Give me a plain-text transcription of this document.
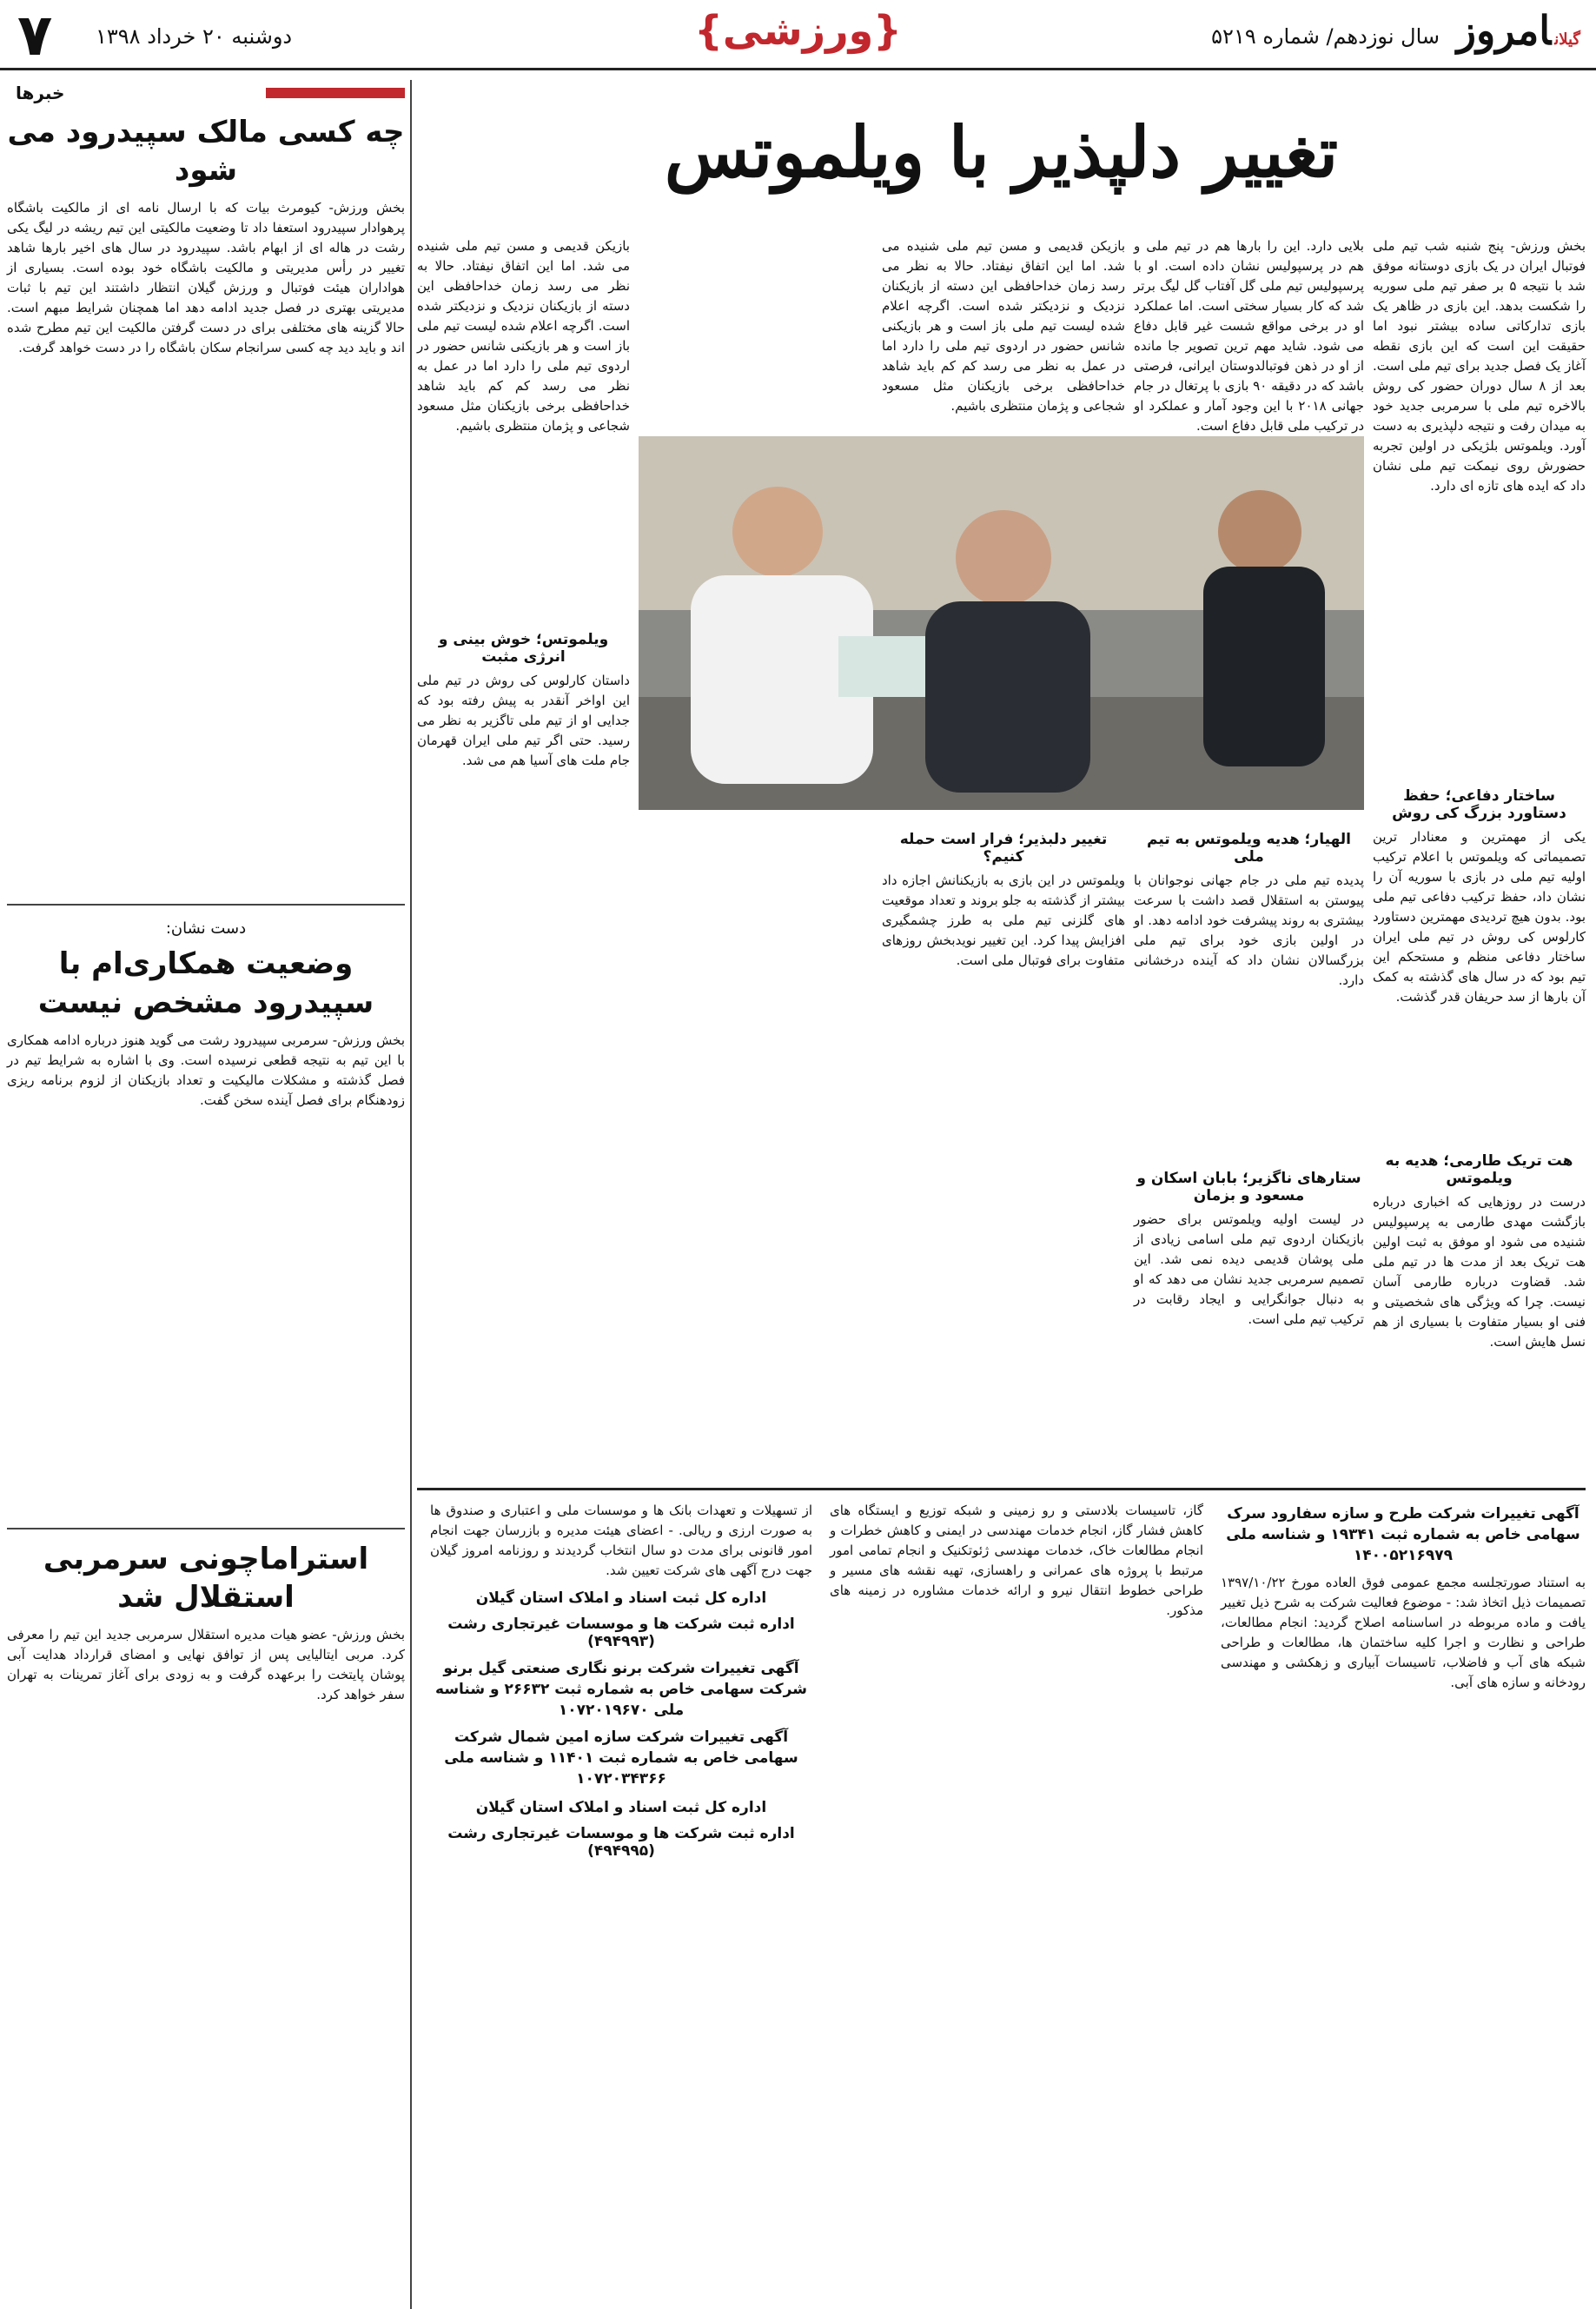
گیلانامروز
سال نوزدهم/ شماره ۵۲۱۹
{ورزشی}
دوشنبه ۲۰ خرداد ۱۳۹۸
۷
خبرها
چه کسی مالک سپیدرود می شود
بخش ورزش- کیومرث بیات که با ارسال نامه ای از مالکیت باشگاه پرهوادار سپیدرود استعفا داد تا وضعیت مالکیتی این تیم ریشه در لیگ یکی رشت در هاله ای از ابهام باشد. سپیدرود در سال های اخیر بارها شاهد تغییر در رأس مدیریتی و مالکیت باشگاه خود بوده است. بسیاری از هواداران هیئت فوتبال و ورزش گیلان انتظار داشتند این تیم با ثبات مدیریتی بهتری در فصل جدید ادامه دهد اما همچنان شرایط مبهم است. حالا گزینه های مختلفی برای در دست گرفتن مالکیت این تیم مطرح شده اند و باید دید چه کسی سرانجام سکان باشگاه را در دست خواهد گرفت.
دست نشان:
وضعیت همکاری‌ام با سپیدرود مشخص نیست
بخش ورزش- سرمربی سپیدرود رشت می گوید هنوز درباره ادامه همکاری با این تیم به نتیجه قطعی نرسیده است. وی با اشاره به شرایط تیم در فصل گذشته و مشکلات مالیکیت و تعداد بازیکنان از لزوم برنامه ریزی زودهنگام برای فصل آینده سخن گفت.
استراماچونی سرمربی استقلال شد
بخش ورزش- عضو هیات مدیره استقلال سرمربی جدید این تیم را معرفی کرد. مربی ایتالیایی پس از توافق نهایی و امضای قرارداد هدایت آبی پوشان پایتخت را برعهده گرفت و به زودی برای آغاز تمرینات به تهران سفر خواهد کرد.
تغییر دلپذیر با ویلموتس
بخش ورزش- پنج شنبه شب تیم ملی فوتبال ایران در یک بازی دوستانه موفق شد با نتیجه ۵ بر صفر تیم ملی سوریه را شکست بدهد. این بازی در ظاهر یک بازی تدارکاتی ساده بیشتر نبود اما حقیقت این است که این بازی نقطه آغاز یک فصل جدید برای تیم ملی است. بعد از ۸ سال دوران حضور کی روش بالاخره تیم ملی با سرمربی جدید خود به میدان رفت و نتیجه دلپذیری به دست آورد. ویلموتس بلژیکی در اولین تجربه حضورش روی نیمکت تیم ملی نشان داد که ایده های تازه ای دارد.
ساختار دفاعی؛ حفظ دستاورد بزرگ کی روش
یکی از مهمترین و معنادار ترین تصمیماتی که ویلموتس با اعلام ترکیب اولیه تیم ملی در بازی با سوریه آن را نشان داد، حفظ ترکیب دفاعی تیم ملی بود. بدون هیچ تردیدی مهمترین دستاورد کارلوس کی روش در تیم ملی ایران ساختار دفاعی منظم و مستحکم این تیم بود که در سال های گذشته به کمک آن بارها از سد حریفان قدر گذشت.
هت تریک طارمی؛ هدیه به ویلموتس
درست در روزهایی که اخباری درباره بازگشت مهدی طارمی به پرسپولیس شنیده می شود او موفق به ثبت اولین هت تریک بعد از مدت ها در تیم ملی شد. قضاوت درباره طارمی آسان نیست. چرا که ویژگی های شخصیتی و فنی او بسیار متفاوت با بسیاری از هم نسل هایش است.
بلایی دارد. این را بارها هم در تیم ملی و هم در پرسپولیس نشان داده است. او با پرسپولیس تیم ملی گل آفتاب گل لیگ برتر شد که کار بسیار سختی است. اما عملکرد او در برخی مواقع شست غیر قابل دفاع می شود. شاید مهم ترین تصویر جا مانده از او در ذهن فوتبالدوستان ایرانی، فرصتی باشد که در دقیقه ۹۰ بازی با پرتغال در جام جهانی ۲۰۱۸ با این وجود آمار و عملکرد او در ترکیب ملی قابل دفاع است.
الهیار؛ هدیه ویلموتس به تیم ملی
پدیده تیم ملی در جام جهانی نوجوانان با پیوستن به استقلال قصد داشت با سرعت بیشتری به روند پیشرفت خود ادامه دهد. او در اولین بازی خود برای تیم ملی بزرگسالان نشان داد که آینده درخشانی دارد.
ستارهای ناگزیر؛ بابان اسکان و مسعود و بزمان
در لیست اولیه ویلموتس برای حضور بازیکنان اردوی تیم ملی اسامی زیادی از ملی پوشان قدیمی دیده نمی شد. این تصمیم سرمربی جدید نشان می دهد که او به دنبال جوانگرایی و ایجاد رقابت در ترکیب تیم ملی است.
بازیکن قدیمی و مسن تیم ملی شنیده می شد. اما این اتفاق نیفتاد. حالا به نظر می رسد زمان خداحافظی این دسته از بازیکنان نزدیک و نزدیکتر شده است. اگرچه اعلام شده لیست تیم ملی باز است و هر بازیکنی شانس حضور در اردوی تیم ملی را دارد اما در عمل به نظر می رسد کم کم باید شاهد خداحافظی برخی بازیکنان مثل مسعود شجاعی و پژمان منتظری باشیم.
تغییر دلبذیر؛ فرار است حمله کنیم؟
ویلموتس در این بازی به بازیکنانش اجازه داد بیشتر از گذشته به جلو بروند و تعداد موقعیت های گلزنی تیم ملی به طرز چشمگیری افزایش پیدا کرد. این تغییر نویدبخش روزهای متفاوت برای فوتبال ملی است.
بازیکن قدیمی و مسن تیم ملی شنیده می شد. اما این اتفاق نیفتاد. حالا به نظر می رسد زمان خداحافظی این دسته از بازیکنان نزدیک و نزدیکتر شده است. اگرچه اعلام شده لیست تیم ملی باز است و هر بازیکنی شانس حضور در اردوی تیم ملی را دارد اما در عمل به نظر می رسد کم کم باید شاهد خداحافظی برخی بازیکنان مثل مسعود شجاعی و پژمان منتظری باشیم.
ویلموتس؛ خوش بینی و انرژی مثبت
داستان کارلوس کی روش در تیم ملی این اواخر آنقدر به پیش رفته بود که جدایی او از تیم ملی تاگزیر به نظر می رسید. حتی اگر تیم ملی ایران قهرمان جام ملت های آسیا هم می شد.
آگهی تغییرات شرکت طرح و سازه سفارود سرک سهامی خاص به شماره ثبت ۱۹۳۴۱ و شناسه ملی ۱۴۰۰۵۲۱۶۹۷۹
به استناد صورتجلسه مجمع عمومی فوق العاده مورخ ۱۳۹۷/۱۰/۲۲ تصمیمات ذیل اتخاذ شد: - موضوع فعالیت شرکت به شرح ذیل تغییر یافت و ماده مربوطه در اساسنامه اصلاح گردید: انجام مطالعات، طراحی و نظارت و اجرا کلیه ساختمان ها، مطالعات و طراحی شبکه های آب و فاضلاب، تاسیسات آبیاری و زهکشی و مهندسی رودخانه و سازه های آبی.
گاز، تاسیسات بلادستی و رو زمینی و شبکه توزیع و ایستگاه های کاهش فشار گاز، انجام خدمات مهندسی در ایمنی و کاهش خطرات و انجام مطالعات خاک، خدمات مهندسی ژئوتکنیک و انجام تمامی امور مرتبط با پروژه های عمرانی و راهسازی، تهیه نقشه های مسیر و طراحی خطوط انتقال نیرو و ارائه خدمات مشاوره در زمینه های مذکور.
از تسهیلات و تعهدات بانک ها و موسسات ملی و اعتباری و صندوق ها به صورت ارزی و ریالی. - اعضای هیئت مدیره و بازرسان جهت انجام امور قانونی برای مدت دو سال انتخاب گردیدند و روزنامه امروز گیلان جهت درج آگهی های شرکت تعیین شد.
اداره کل ثبت اسناد و املاک استان گیلان
اداره ثبت شرکت ها و موسسات غیرتجاری رشت (۴۹۴۹۹۳)
آگهی تغییرات شرکت برنو نگاری صنعتی گیل برنو شرکت سهامی خاص به شماره ثبت ۲۶۶۳۲ و شناسه ملی ۱۰۷۲۰۱۹۶۷۰
آگهی تغییرات شرکت سازه امین شمال شرکت سهامی خاص به شماره ثبت ۱۱۴۰۱ و شناسه ملی ۱۰۷۲۰۳۴۳۶۶
اداره کل ثبت اسناد و املاک استان گیلان
اداره ثبت شرکت ها و موسسات غیرتجاری رشت (۴۹۴۹۹۵)
